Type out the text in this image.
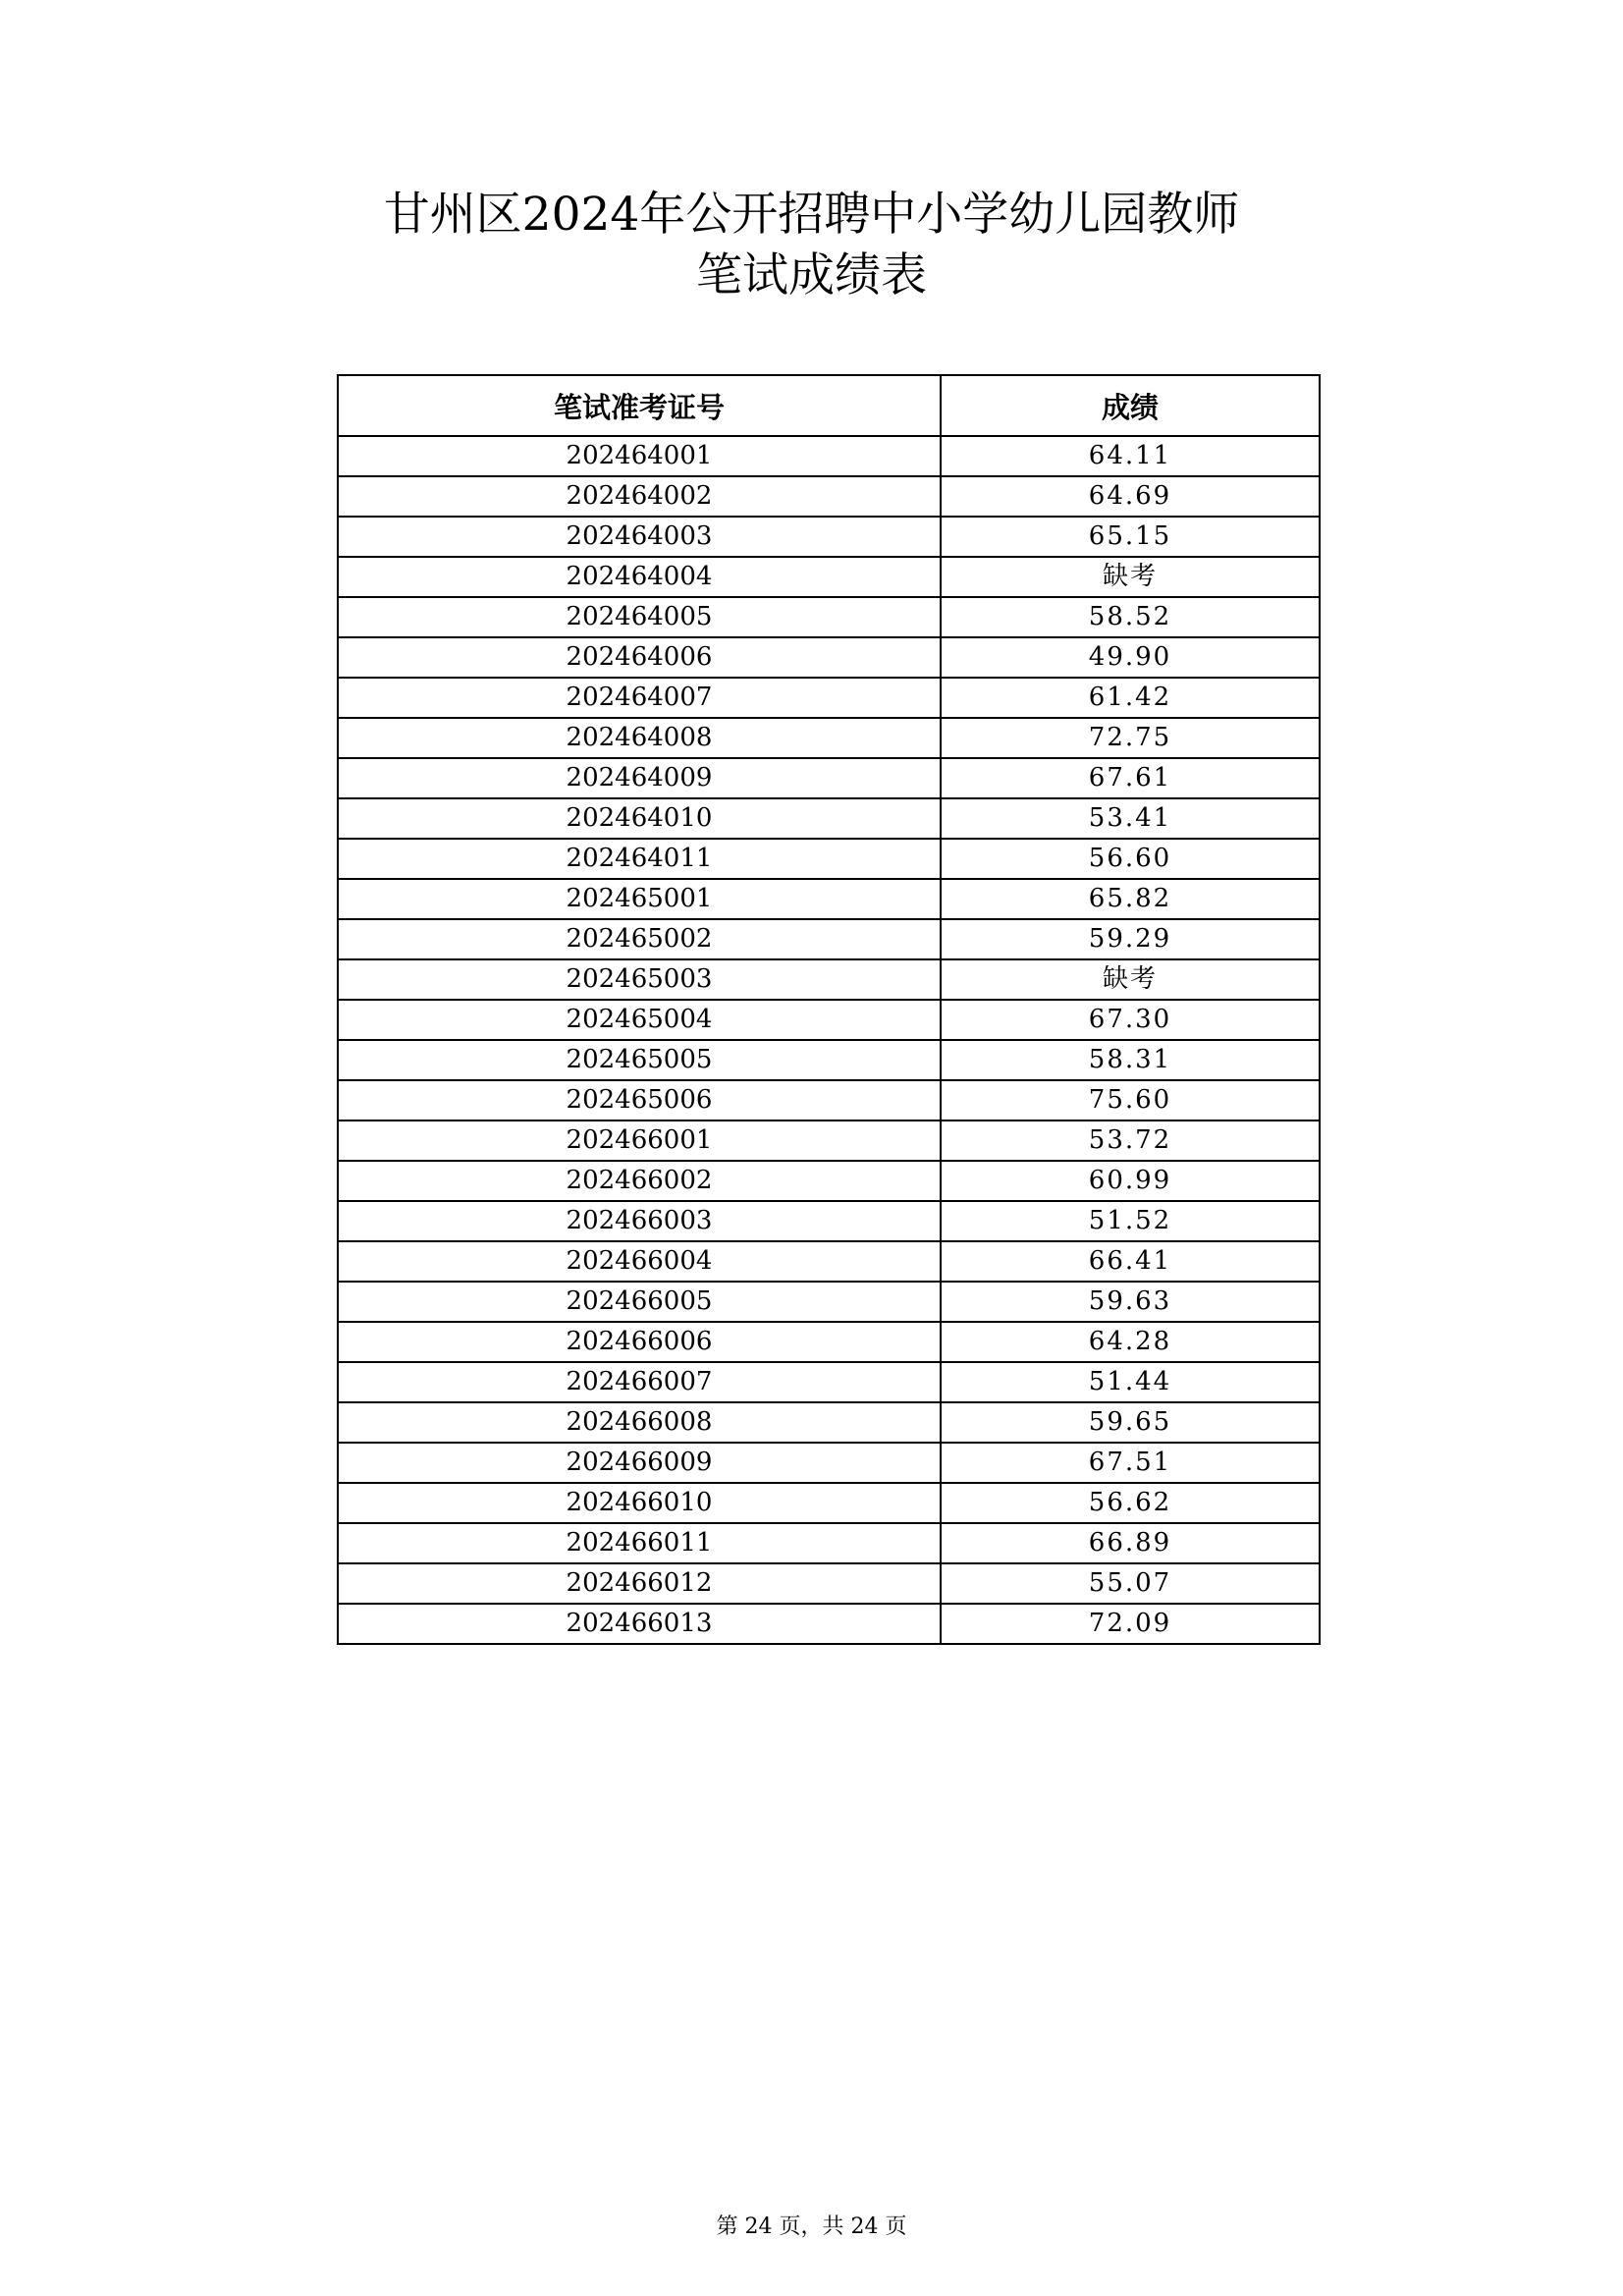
甘州区2024年公开招聘中小学幼儿园教师
笔试成绩表
笔试准考证号	成绩
202464001	64.11
202464002	64.69
202464003	65.15
202464004	缺考
202464005	58.52
202464006	49.90
202464007	61.42
202464008	72.75
202464009	67.61
202464010	53.41
202464011	56.60
202465001	65.82
202465002	59.29
202465003	缺考
202465004	67.30
202465005	58.31
202465006	75.60
202466001	53.72
202466002	60.99
202466003	51.52
202466004	66.41
202466005	59.63
202466006	64.28
202466007	51.44
202466008	59.65
202466009	67.51
202466010	56.62
202466011	66.89
202466012	55.07
202466013	72.09
第 24 页，共 24 页
